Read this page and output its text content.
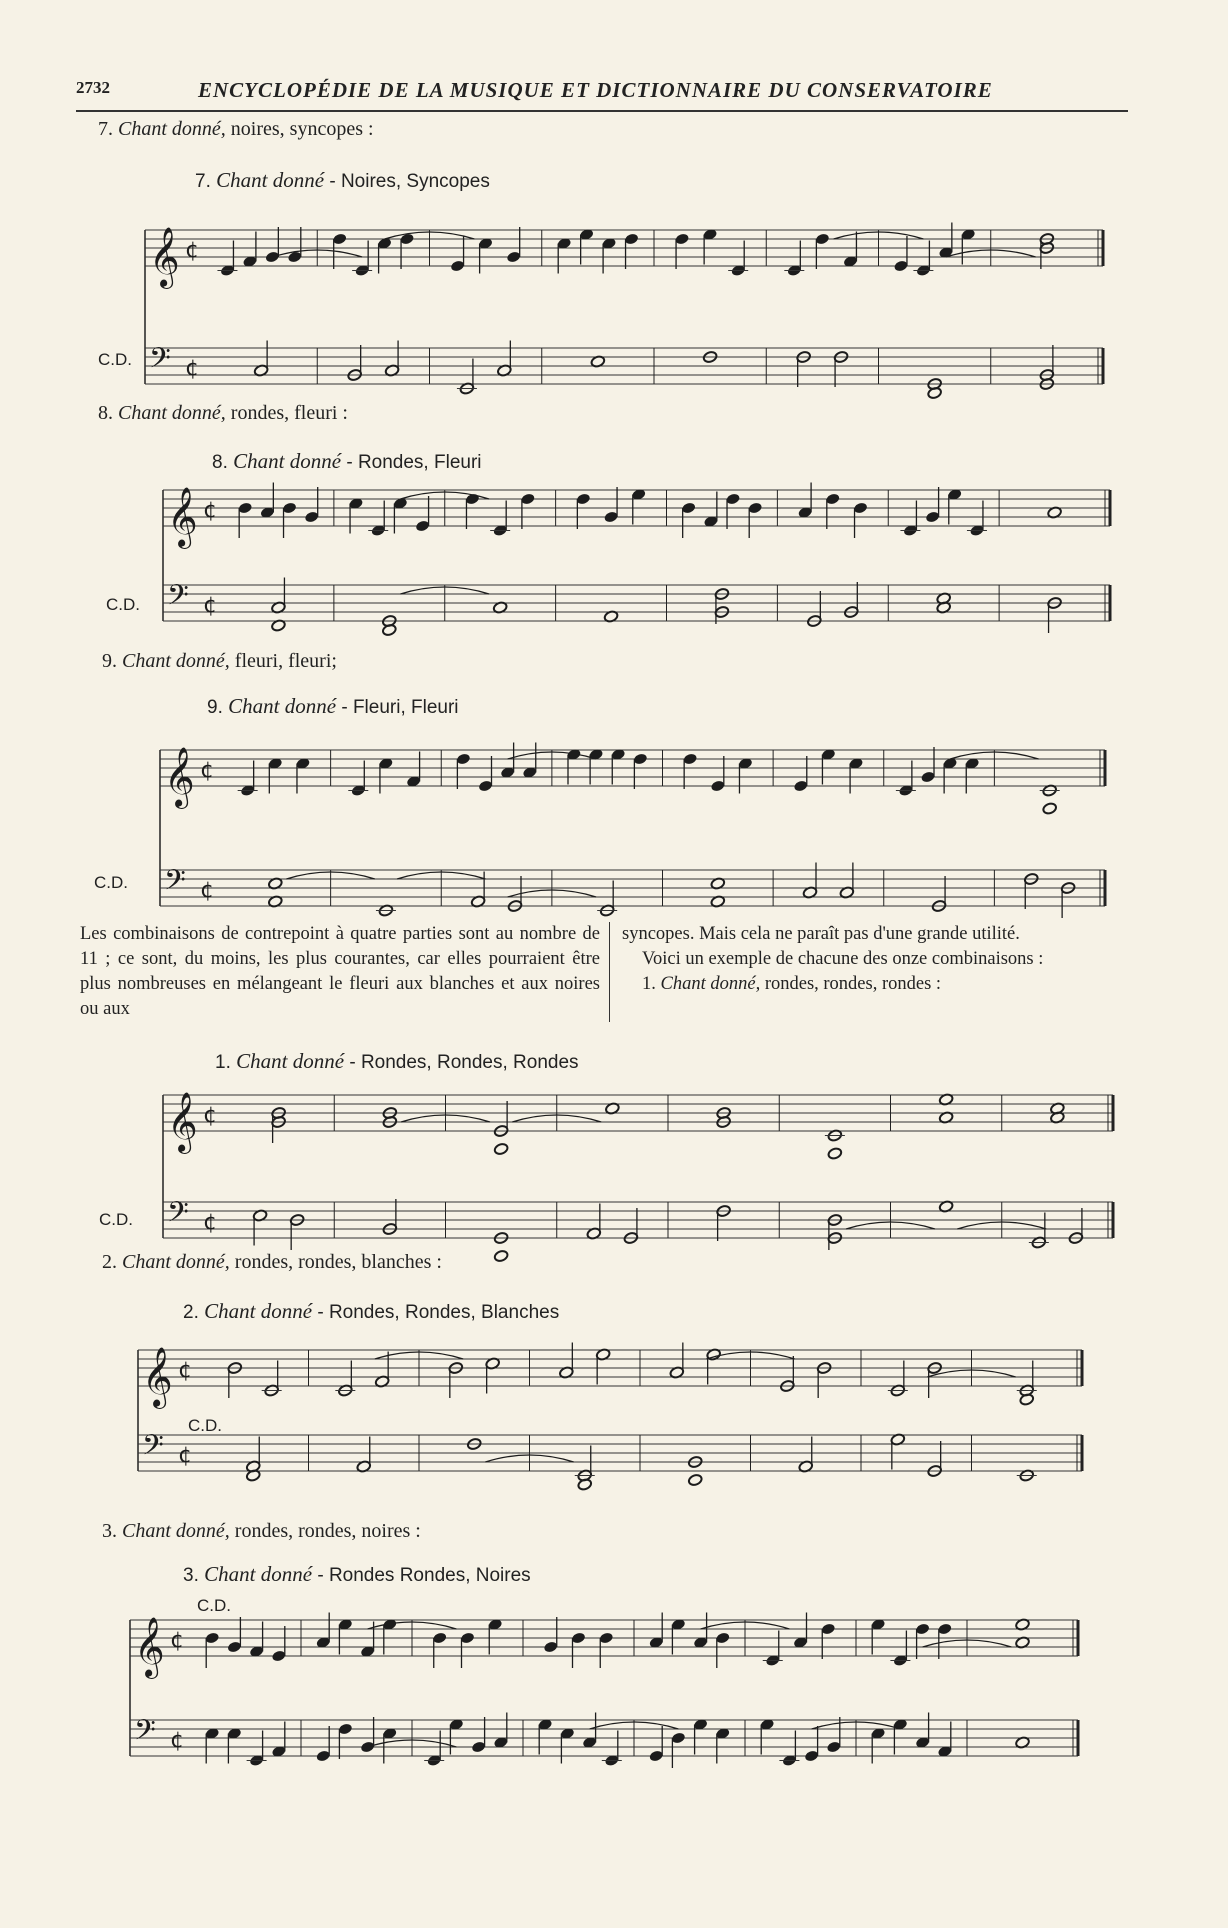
2732	ENCYCLOPÉDIE DE LA MUSIQUE ET DICTIONNAIRE DU CONSERVATOIRE
7. Chant donné, noires, syncopes :
7. Chant donné - Noires, Syncopes
C.D.
𝄞 ¢
𝄢 ¢
8. Chant donné, rondes, fleuri :
8. Chant donné - Rondes, Fleuri
C.D.
𝄞 ¢
𝄢 ¢
9. Chant donné, fleuri, fleuri;
9. Chant donné - Fleuri, Fleuri
C.D.
𝄞 ¢
𝄢 ¢
Les combinaisons de contrepoint à quatre parties sont au nombre de 11 ; ce sont, du moins, les plus courantes, car elles pourraient être plus nombreuses en mélangeant le fleuri aux blanches et aux noires ou aux
syncopes. Mais cela ne paraît pas d'une grande utilité.
Voici un exemple de chacune des onze combinaisons :
1. Chant donné, rondes, rondes, rondes :
1. Chant donné - Rondes, Rondes, Rondes
C.D.
𝄞 ¢
𝄢 ¢
2. Chant donné, rondes, rondes, blanches :
2. Chant donné - Rondes, Rondes, Blanches
C.D.
𝄞 ¢
𝄢 ¢
3. Chant donné, rondes, rondes, noires :
3. Chant donné - Rondes Rondes, Noires
C.D.
𝄞 ¢
𝄢 ¢
